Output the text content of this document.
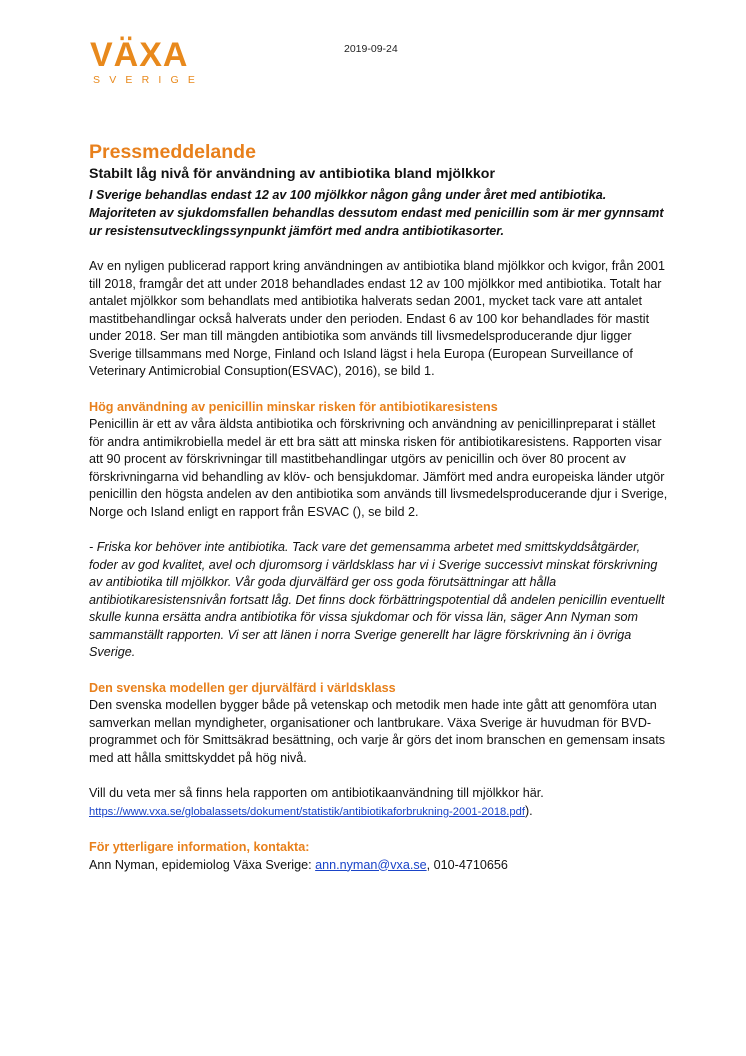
VÄXA
SVERIGE
2019-09-24
Pressmeddelande

Stabilt låg nivå för användning av antibiotika bland mjölkkor

I Sverige behandlas endast 12 av 100 mjölkkor någon gång under året med antibiotika. Majoriteten av sjukdomsfallen behandlas dessutom endast med penicillin som är mer gynnsamt ur resistensutvecklingssynpunkt jämfört med andra antibiotikasorter.

Av en nyligen publicerad rapport kring användningen av antibiotika bland mjölkkor och kvigor, från 2001 till 2018, framgår det att under 2018 behandlades endast 12 av 100 mjölkkor med antibiotika. Totalt har antalet mjölkkor som behandlats med antibiotika halverats sedan 2001, mycket tack vare att antalet mastitbehandlingar också halverats under den perioden. Endast 6 av 100 kor behandlades för mastit under 2018. Ser man till mängden antibiotika som används till livsmedelsproducerande djur ligger Sverige tillsammans med Norge, Finland och Island lägst i hela Europa (European Surveillance of Veterinary Antimicrobial Consuption(ESVAC), 2016), se bild 1.

Hög användning av penicillin minskar risken för antibiotikaresistens

Penicillin är ett av våra äldsta antibiotika och förskrivning och användning av penicillinpreparat i stället för andra antimikrobiella medel är ett bra sätt att minska risken för antibiotikaresistens. Rapporten visar att 90 procent av förskrivningar till mastitbehandlingar utgörs av penicillin och över 80 procent av förskrivningarna vid behandling av klöv- och bensjukdomar. Jämfört med andra europeiska länder utgör penicillin den högsta andelen av den antibiotika som används till livsmedelsproducerande djur i Sverige, Norge och Island enligt en rapport från ESVAC (), se bild 2.

- Friska kor behöver inte antibiotika. Tack vare det gemensamma arbetet med smittskyddsåtgärder, foder av god kvalitet, avel och djuromsorg i världsklass har vi i Sverige successivt minskat förskrivning av antibiotika till mjölkkor. Vår goda djurvälfärd ger oss goda förutsättningar att hålla antibiotikaresistensnivån fortsatt låg. Det finns dock förbättringspotential då andelen penicillin eventuellt skulle kunna ersätta andra antibiotika för vissa sjukdomar och för vissa län, säger Ann Nyman som sammanställt rapporten. Vi ser att länen i norra Sverige generellt har lägre förskrivning än i övriga Sverige.

Den svenska modellen ger djurvälfärd i världsklass

Den svenska modellen bygger både på vetenskap och metodik men hade inte gått att genomföra utan samverkan mellan myndigheter, organisationer och lantbrukare. Växa Sverige är huvudman för BVD-programmet och för Smittsäkrad besättning, och varje år görs det inom branschen en gemensam insats med att hålla smittskyddet på hög nivå.

Vill du veta mer så finns hela rapporten om antibiotikaanvändning till mjölkkor här.
https://www.vxa.se/globalassets/dokument/statistik/antibiotikaforbrukning-2001-2018.pdf).

För ytterligare information, kontakta:

Ann Nyman, epidemiolog Växa Sverige: ann.nyman@vxa.se, 010-4710656
